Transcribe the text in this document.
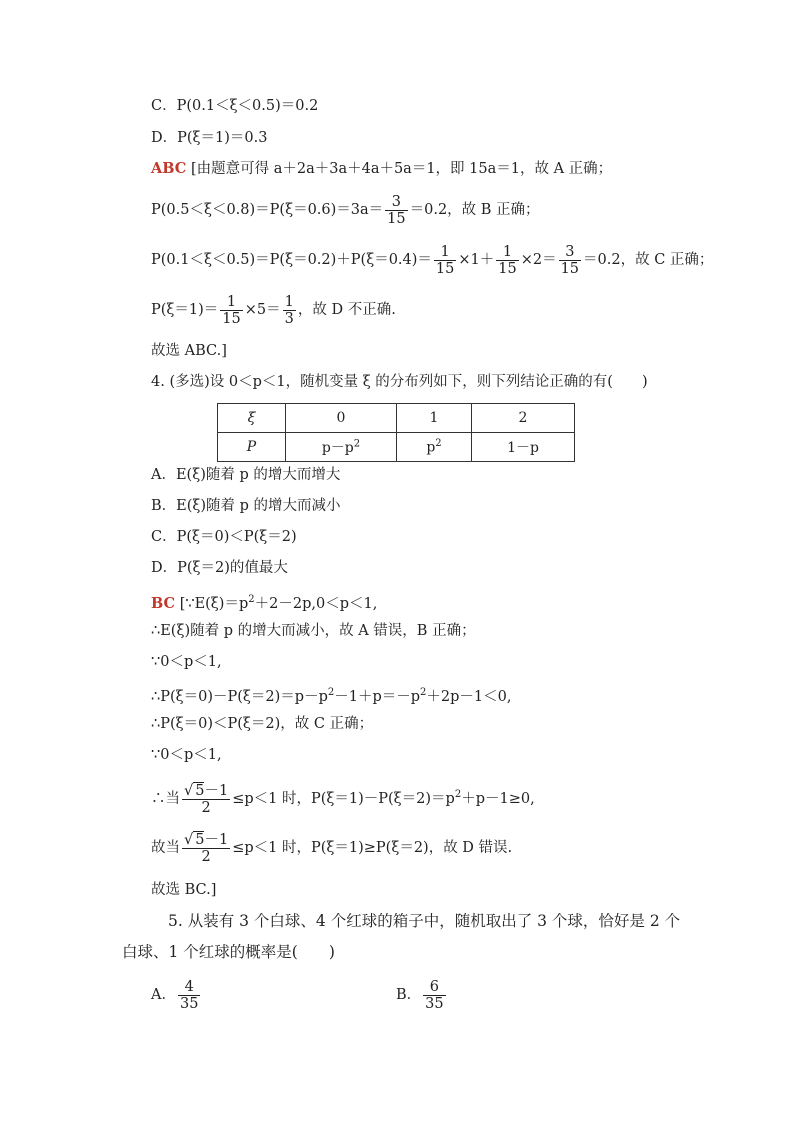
C．P(0.1＜ξ＜0.5)＝0.2
D．P(ξ＝1)＝0.3
ABC [由题意可得 a＋2a＋3a＋4a＋5a＝1，即 15a＝1，故 A 正确；
$P(0.5<\xi<0.8)=P(\xi=0.6)=3a= \frac{3}{15} =0.2$，故 B 正确；
$P(0.1<\xi<0.5)=P(\xi=0.2)+P(\xi=0.4)= \frac{1}{15} \times 1+ \frac{1}{15} \times 2= \frac{3}{15} =0.2$，故 C 正确；
$P(\xi=1)= \frac{1}{15} \times 5= \frac{1}{3}$ ，故 D 不正确.
故选 ABC.]
4. (多选)设 0＜p＜1，随机变量 ξ 的分布列如下，则下列结论正确的有(　　)
ξ	0	1	2
P	$p-p^2$	$p^2$	1－p
A．E(ξ)随着 p 的增大而增大
B．E(ξ)随着 p 的增大而减小
C．P(ξ＝0)＜P(ξ＝2)
D．P(ξ＝2)的值最大
BC [$\because E(\xi)=p^2+2-2p,0<p<1$,
∴E(ξ)随着 p 的增大而减小，故 A 错误，B 正确；
∵0＜p＜1,
$\therefore P(\xi=0)-P(\xi=2)=p-p^2-1+p=-p^2+2p-1<0$,
∴P(ξ＝0)＜P(ξ＝2)，故 C 正确；
∵0＜p＜1,
∴当 $\frac{√ 5-1}{2} \le p<1$ 时，$P(\xi=1)-P(\xi=2)=p^2+p-1\ge 0$,
故当 $\frac{√ 5-1}{2} \le p<1$ 时，P(ξ＝1)≥P(ξ＝2)，故 D 错误.
故选 BC.]
5. 从装有 3 个白球、4 个红球的箱子中，随机取出了 3 个球，恰好是 2 个
白球、1 个红球的概率是(　　)
A． $\frac{4}{35}$	B． $\frac{6}{35}$
